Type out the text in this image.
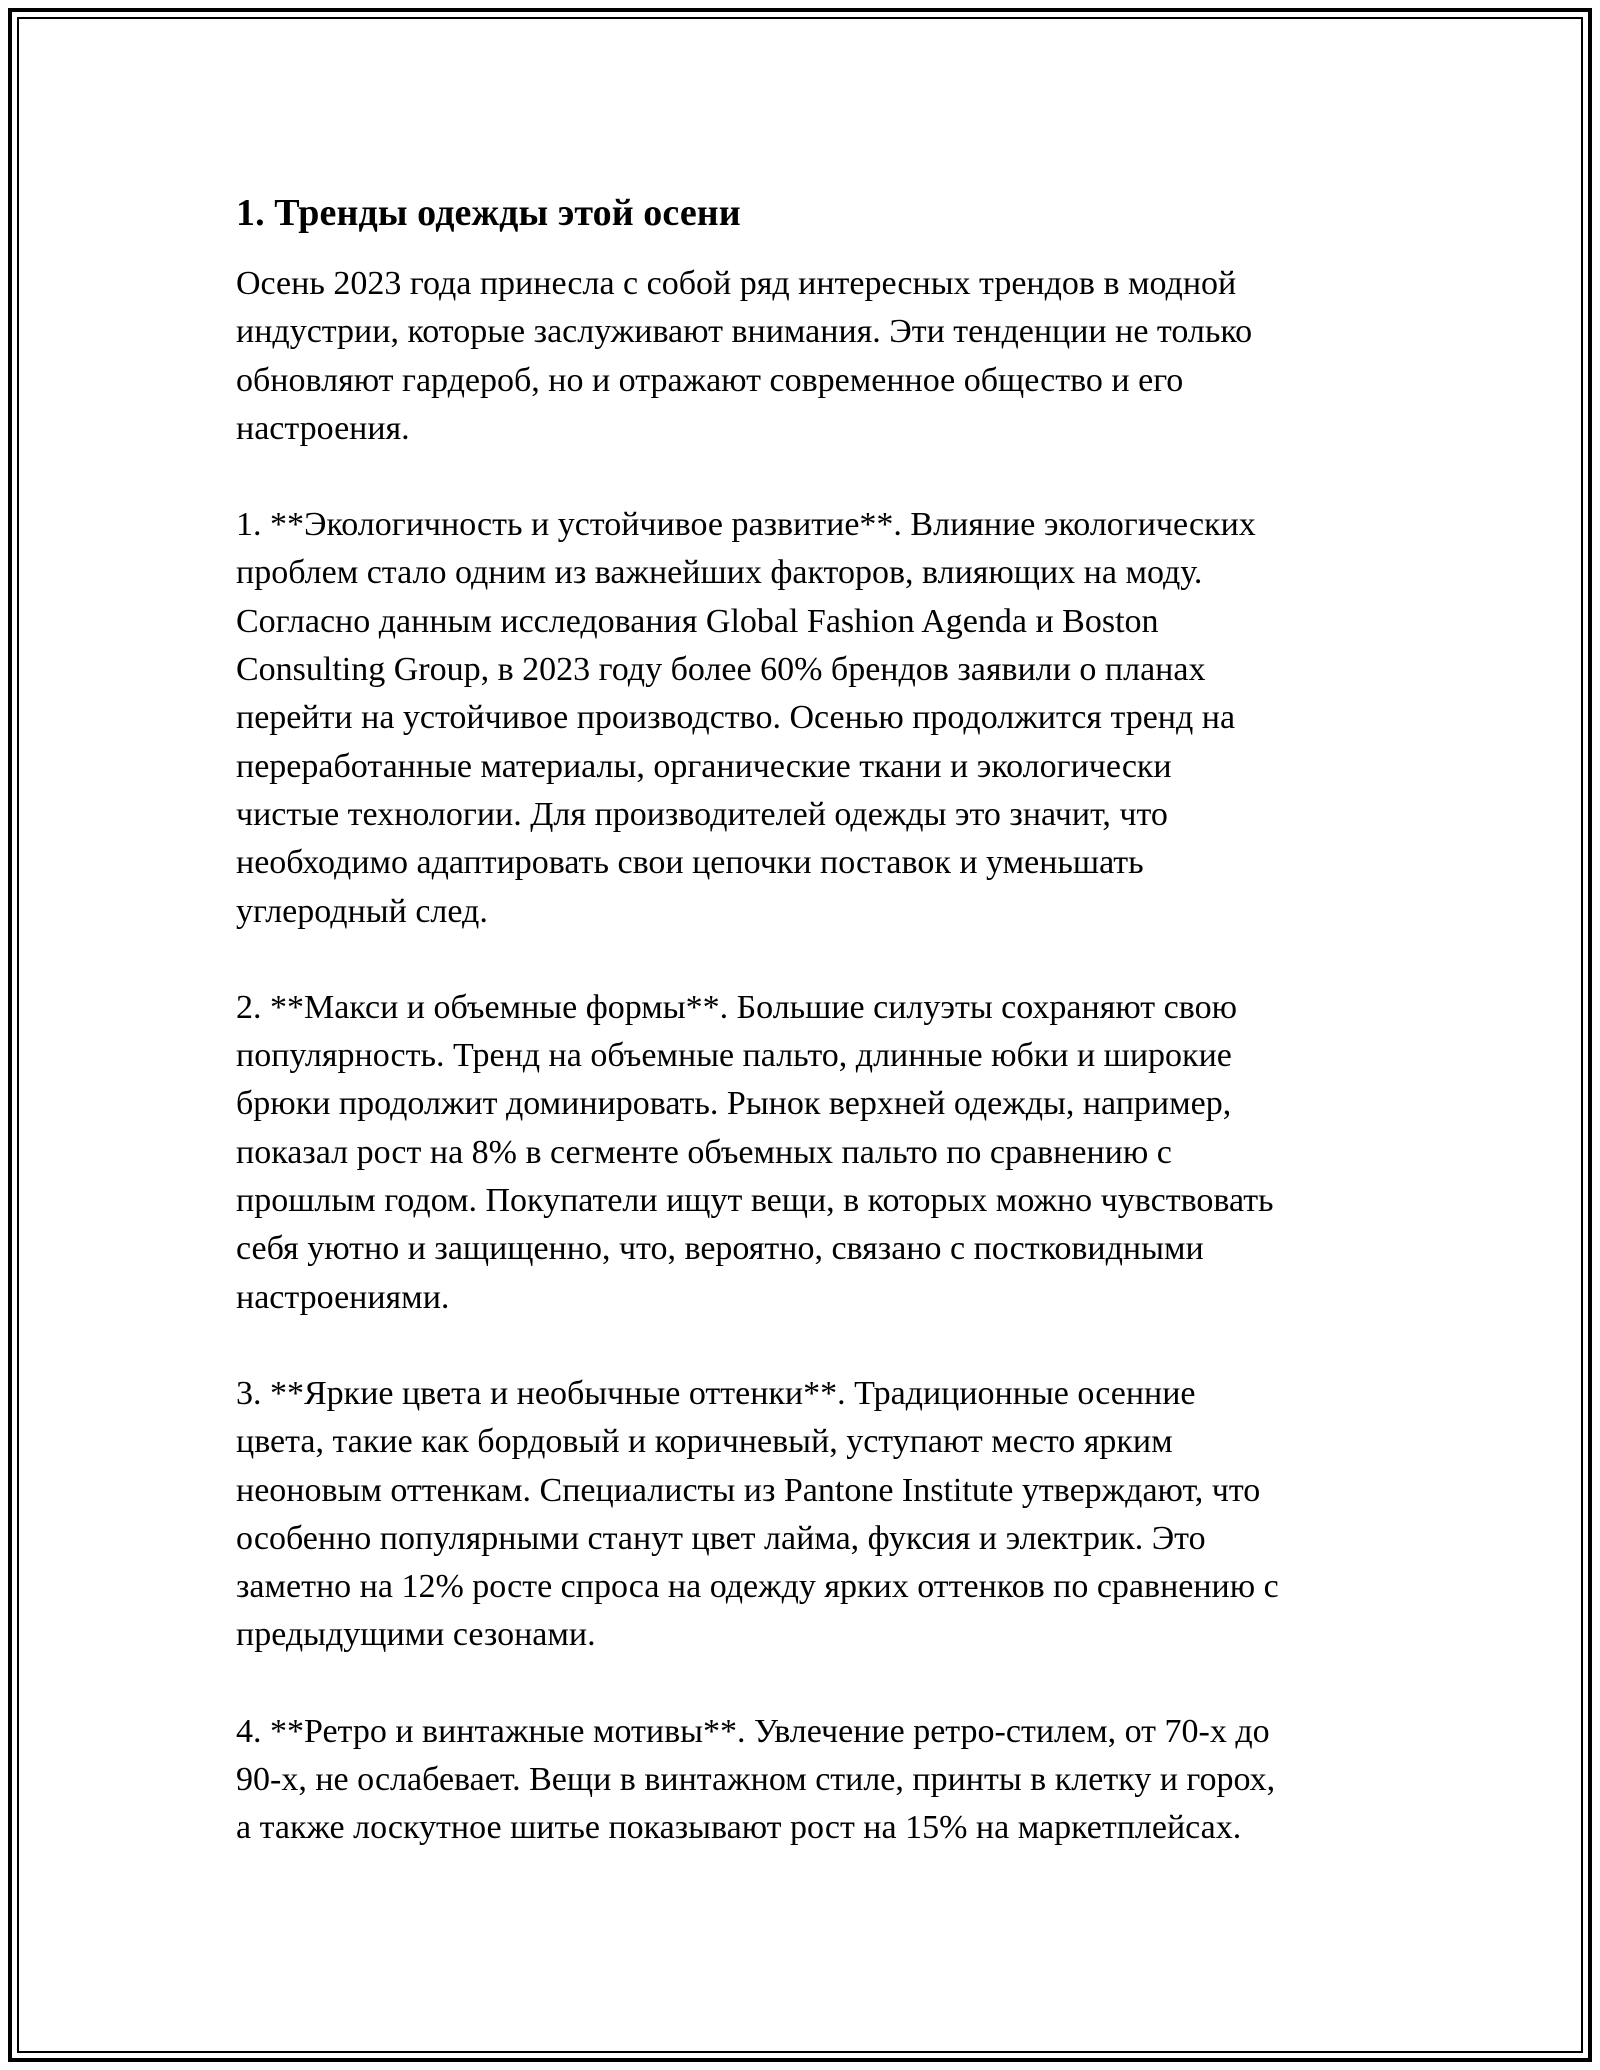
1. Тренды одежды этой осени

Осень 2023 года принесла с собой ряд интересных трендов в модной
индустрии, которые заслуживают внимания. Эти тенденции не только
обновляют гардероб, но и отражают современное общество и его
настроения.

1. **Экологичность и устойчивое развитие**. Влияние экологических
проблем стало одним из важнейших факторов, влияющих на моду.
Согласно данным исследования Global Fashion Agenda и Boston
Consulting Group, в 2023 году более 60% брендов заявили о планах
перейти на устойчивое производство. Осенью продолжится тренд на
переработанные материалы, органические ткани и экологически
чистые технологии. Для производителей одежды это значит, что
необходимо адаптировать свои цепочки поставок и уменьшать
углеродный след.

2. **Макси и объемные формы**. Большие силуэты сохраняют свою
популярность. Тренд на объемные пальто, длинные юбки и широкие
брюки продолжит доминировать. Рынок верхней одежды, например,
показал рост на 8% в сегменте объемных пальто по сравнению с
прошлым годом. Покупатели ищут вещи, в которых можно чувствовать
себя уютно и защищенно, что, вероятно, связано с постковидными
настроениями.

3. **Яркие цвета и необычные оттенки**. Традиционные осенние
цвета, такие как бордовый и коричневый, уступают место ярким
неоновым оттенкам. Специалисты из Pantone Institute утверждают, что
особенно популярными станут цвет лайма, фуксия и электрик. Это
заметно на 12% росте спроса на одежду ярких оттенков по сравнению с
предыдущими сезонами.

4. **Ретро и винтажные мотивы**. Увлечение ретро-стилем, от 70-х до
90-х, не ослабевает. Вещи в винтажном стиле, принты в клетку и горох,
а также лоскутное шитье показывают рост на 15% на маркетплейсах.
